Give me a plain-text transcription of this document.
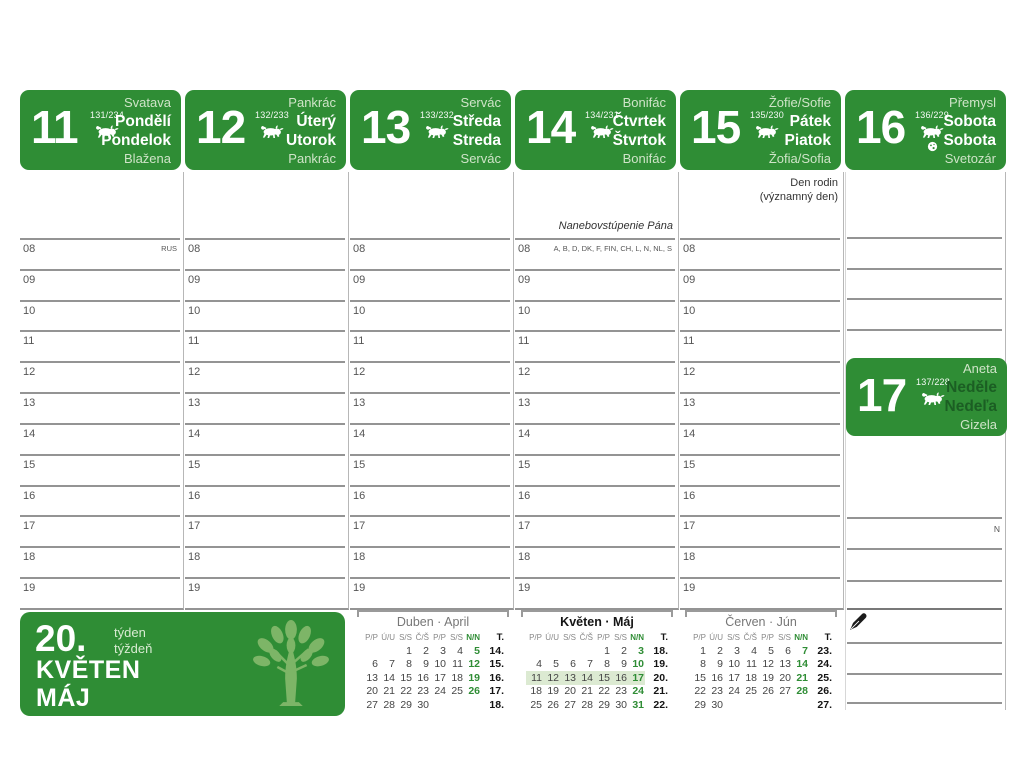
11	131/234
Svatava
Pondělí
Pondelok
Blažena
12	132/233
Pankrác
Úterý
Utorok
Pankrác
13	133/232
Servác
Středa
Streda
Servác
14	134/231
Bonifác
Čtvrtek
Štvrtok
Bonifác
15	135/230
Žofie/Sofie
Pátek
Piatok
Žofia/Sofia
16	136/229
Přemysl
Sobota
Sobota
Svetozár
08	RUS
09
10
11
12
13
14
15
16
17
18
19
08
09
10
11
12
13
14
15
16
17
18
19
08
09
10
11
12
13
14
15
16
17
18
19
Nanebovstúpenie Pána
08	A, B, D, DK, F, FIN, CH, L, N, NL, S
09
10
11
12
13
14
15
16
17
18
19
Den rodin
(významný den)
08
09
10
11
12
13
14
15
16
17
18
19
17	137/228
Aneta
Neděle
Nedeľa
Gizela
N
20. týden
týždeň
KVĚTEN
MÁJ
Duben · April
P/P	Ú/U	S/S	Č/Š	P/P	S/S	N/N	T.
		1	2	3	4	5	14.
6	7	8	9	10	11	12	15.
13	14	15	16	17	18	19	16.
20	21	22	23	24	25	26	17.
27	28	29	30				18.
Květen · Máj
P/P	Ú/U	S/S	Č/Š	P/P	S/S	N/N	T.
				1	2	3	18.
4	5	6	7	8	9	10	19.
11	12	13	14	15	16	17	20.
18	19	20	21	22	23	24	21.
25	26	27	28	29	30	31	22.
Červen · Jún
P/P	Ú/U	S/S	Č/Š	P/P	S/S	N/N	T.
1	2	3	4	5	6	7	23.
8	9	10	11	12	13	14	24.
15	16	17	18	19	20	21	25.
22	23	24	25	26	27	28	26.
29	30						27.
